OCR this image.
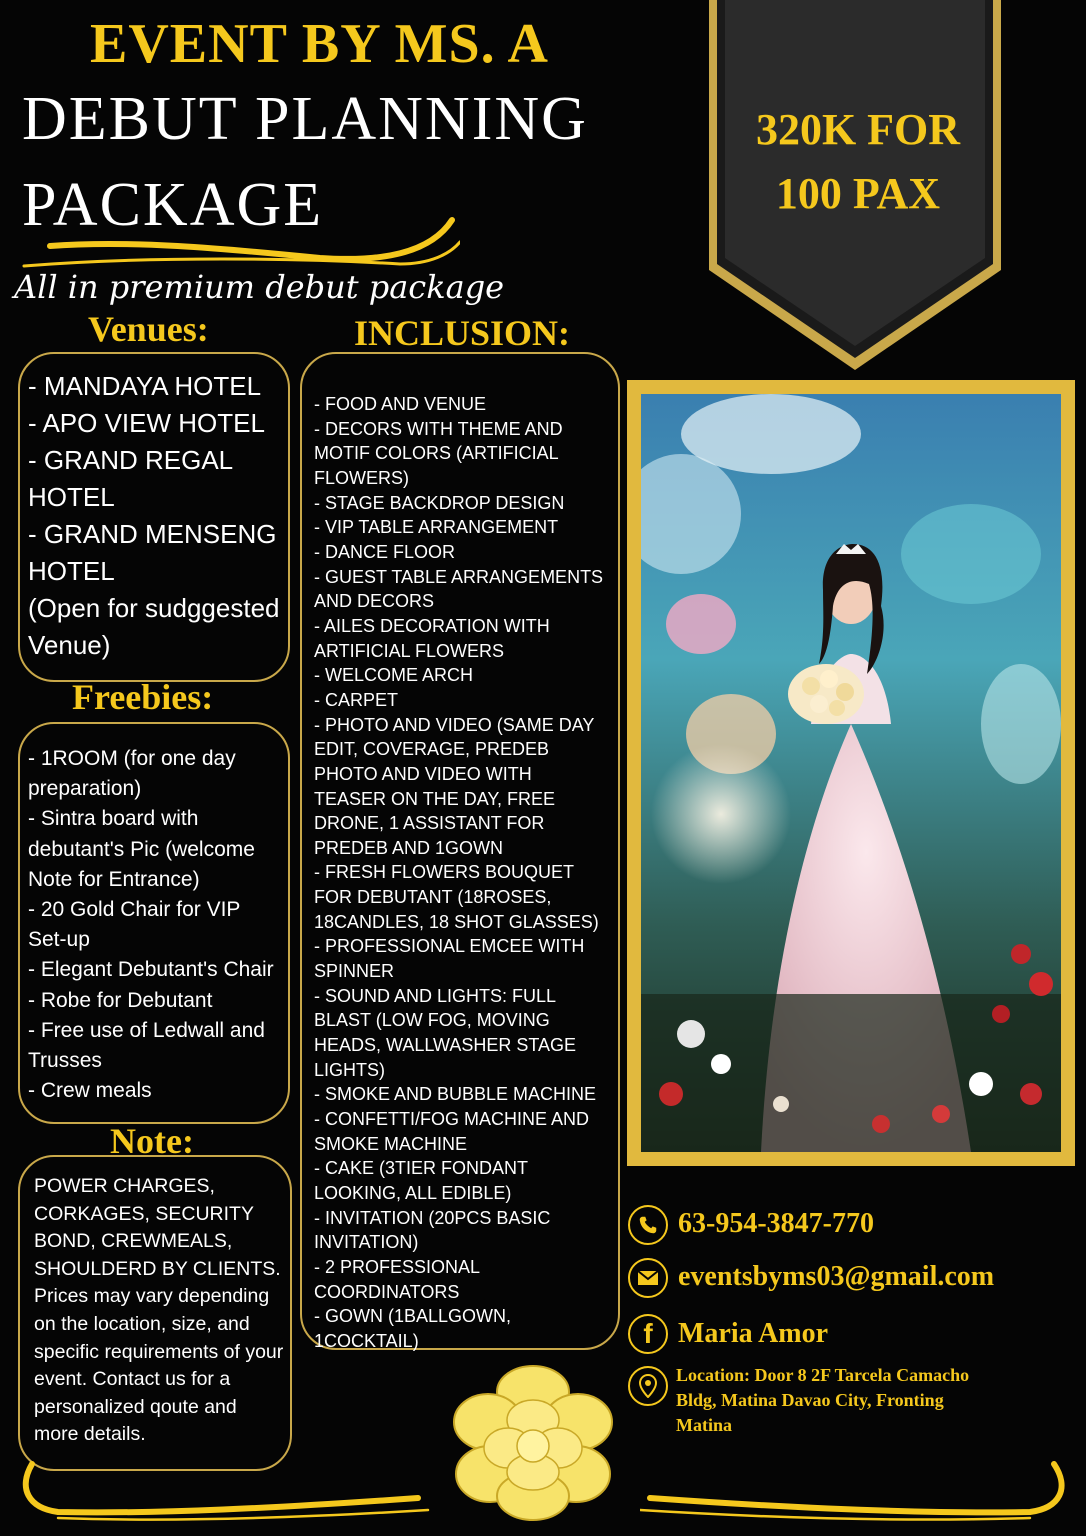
EVENT BY MS. A
DEBUT PLANNING
PACKAGE
All in premium debut package
320K FOR
100 PAX
Venues:
- MANDAYA HOTEL
- APO VIEW HOTEL
- GRAND REGAL
HOTEL
- GRAND MENSENG
HOTEL
(Open for sudggested
Venue)
Freebies:
- 1ROOM (for one day
preparation)
- Sintra board with
debutant's Pic (welcome
Note for Entrance)
- 20 Gold Chair for VIP
Set-up
- Elegant Debutant's Chair
- Robe for Debutant
- Free use of Ledwall and
Trusses
- Crew meals
Note:
POWER CHARGES,
CORKAGES, SECURITY
BOND, CREWMEALS,
SHOULDERD BY CLIENTS.
Prices may vary depending
on the location, size, and
specific requirements of your
event. Contact us for a
personalized qoute and
more details.
INCLUSION:
- FOOD AND VENUE
- DECORS WITH THEME AND
MOTIF COLORS (ARTIFICIAL
FLOWERS)
- STAGE BACKDROP DESIGN
- VIP TABLE ARRANGEMENT
- DANCE FLOOR
- GUEST TABLE ARRANGEMENTS
AND DECORS
- AILES DECORATION WITH
ARTIFICIAL FLOWERS
- WELCOME ARCH
- CARPET
- PHOTO AND VIDEO (SAME DAY
EDIT, COVERAGE, PREDEB
PHOTO AND VIDEO WITH
TEASER ON THE DAY, FREE
DRONE, 1 ASSISTANT FOR
PREDEB AND 1GOWN
- FRESH FLOWERS BOUQUET
FOR DEBUTANT (18ROSES,
18CANDLES, 18 SHOT GLASSES)
- PROFESSIONAL EMCEE WITH
SPINNER
- SOUND AND LIGHTS: FULL
BLAST (LOW FOG, MOVING
HEADS, WALLWASHER STAGE
LIGHTS)
- SMOKE AND BUBBLE MACHINE
- CONFETTI/FOG MACHINE AND
SMOKE MACHINE
- CAKE (3TIER FONDANT
LOOKING, ALL EDIBLE)
- INVITATION (20PCS BASIC
INVITATION)
- 2 PROFESSIONAL
COORDINATORS
- GOWN (1BALLGOWN,
1COCKTAIL)
63-954-3847-770
eventsbyms03@gmail.com
f Maria Amor
Location: Door 8 2F Tarcela Camacho
Bldg, Matina Davao City, Fronting
Matina
